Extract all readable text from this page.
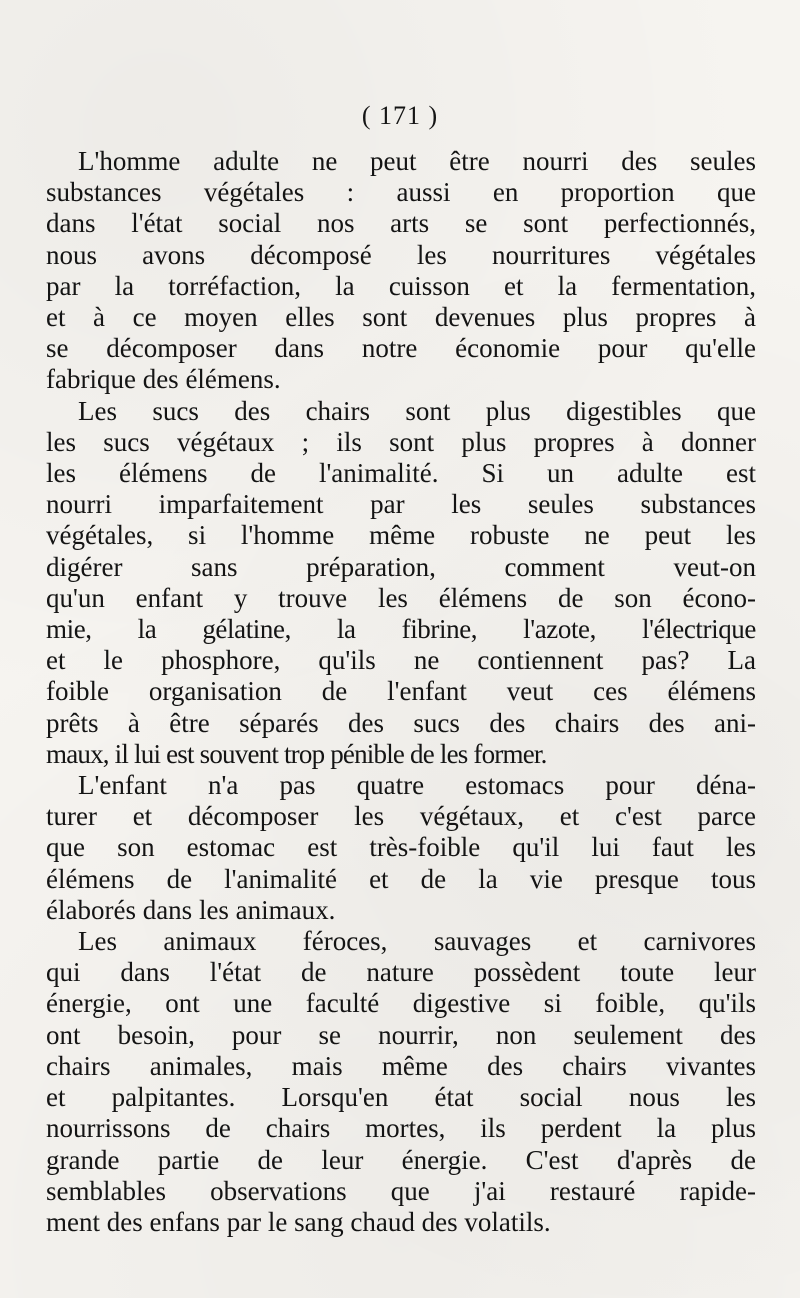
( 171 )
L'homme adulte ne peut être nourri des seules
substances végétales : aussi en proportion que
dans l'état social nos arts se sont perfectionnés,
nous avons décomposé les nourritures végétales
par la torréfaction, la cuisson et la fermentation,
et à ce moyen elles sont devenues plus propres à
se décomposer dans notre économie pour qu'elle
fabrique des élémens.
Les sucs des chairs sont plus digestibles que
les sucs végétaux ; ils sont plus propres à donner
les élémens de l'animalité. Si un adulte est
nourri imparfaitement par les seules substances
végétales, si l'homme même robuste ne peut les
digérer sans préparation, comment veut-on
qu'un enfant y trouve les élémens de son écono-
mie, la gélatine, la fibrine, l'azote, l'électrique
et le phosphore, qu'ils ne contiennent pas? La
foible organisation de l'enfant veut ces élémens
prêts à être séparés des sucs des chairs des ani-
maux, il lui est souvent trop pénible de les former.
L'enfant n'a pas quatre estomacs pour déna-
turer et décomposer les végétaux, et c'est parce
que son estomac est très-foible qu'il lui faut les
élémens de l'animalité et de la vie presque tous
élaborés dans les animaux.
Les animaux féroces, sauvages et carnivores
qui dans l'état de nature possèdent toute leur
énergie, ont une faculté digestive si foible, qu'ils
ont besoin, pour se nourrir, non seulement des
chairs animales, mais même des chairs vivantes
et palpitantes. Lorsqu'en état social nous les
nourrissons de chairs mortes, ils perdent la plus
grande partie de leur énergie. C'est d'après de
semblables observations que j'ai restauré rapide-
ment des enfans par le sang chaud des volatils.
